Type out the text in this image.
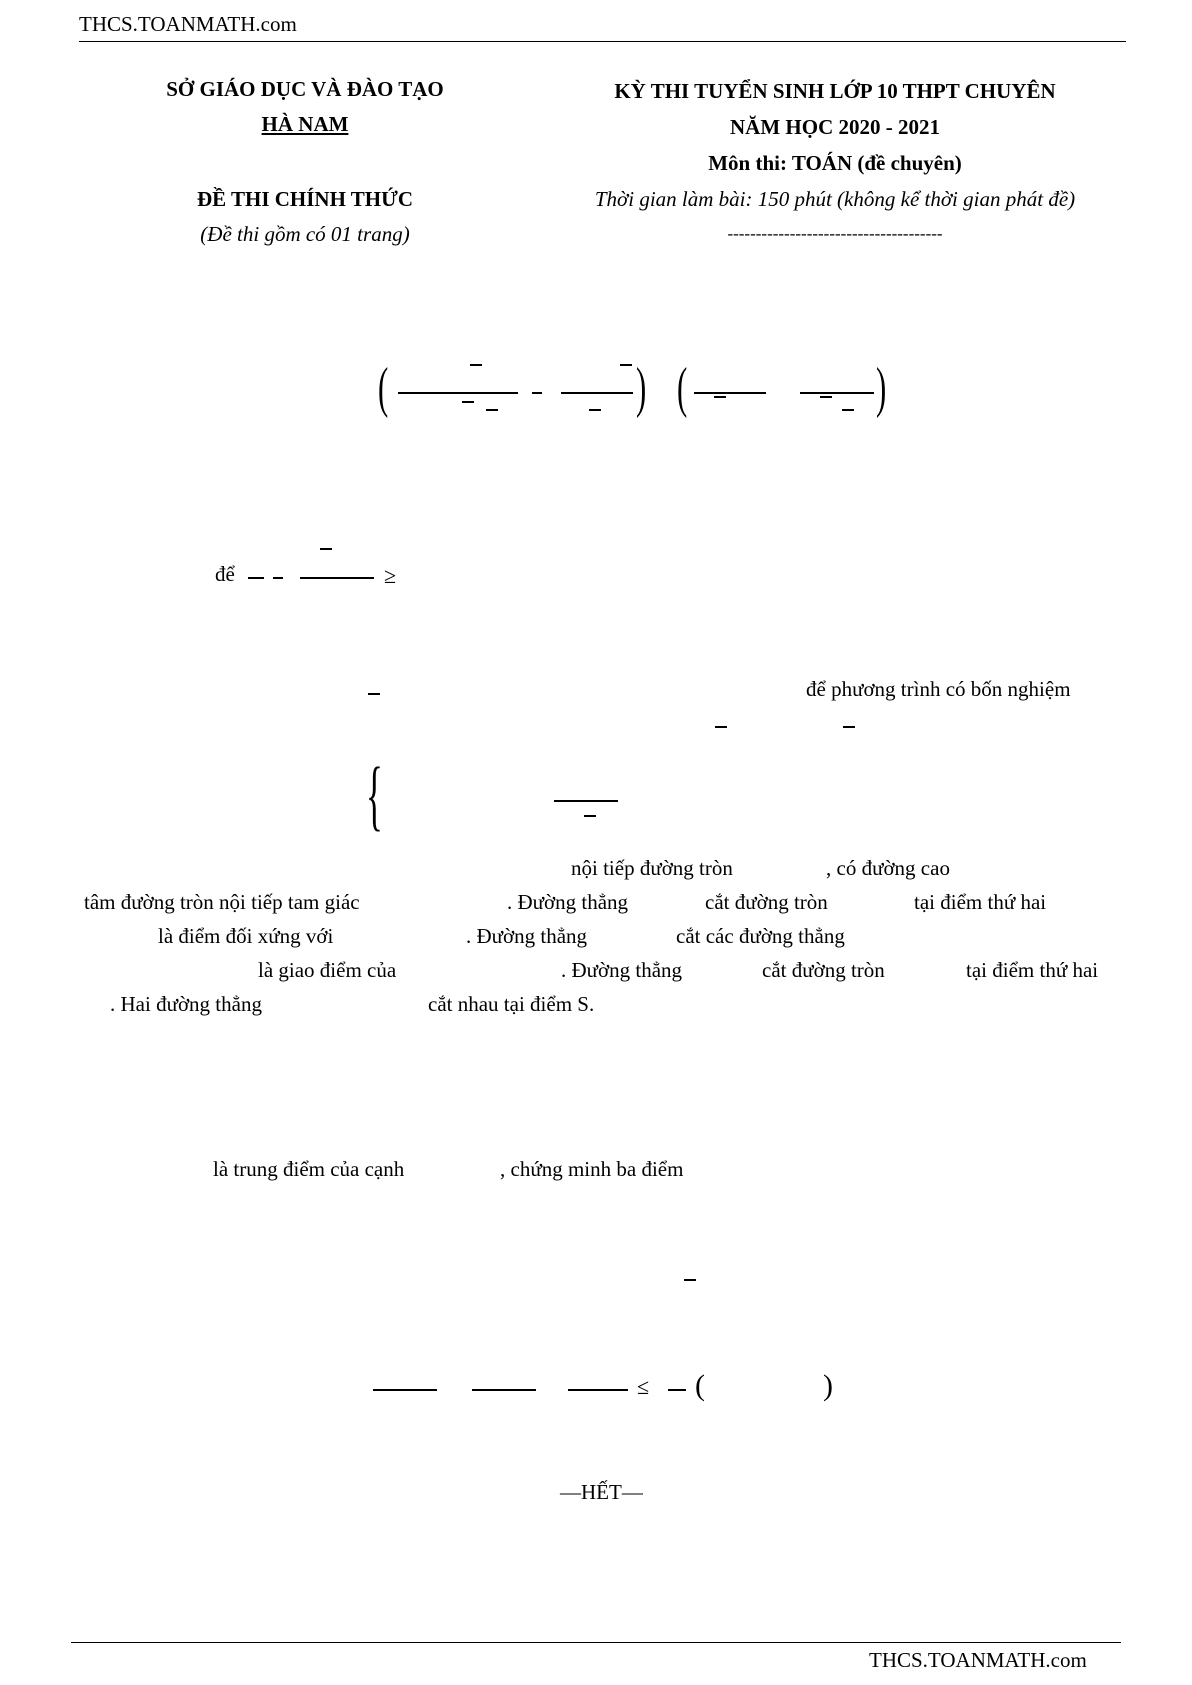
THCS.TOANMATH.com
SỞ GIÁO DỤC VÀ ĐÀO TẠO
HÀ NAM
ĐỀ THI CHÍNH THỨC
(Đề thi gồm có 01 trang)
KỲ THI TUYỂN SINH LỚP 10 THPT CHUYÊN
NĂM HỌC 2020 - 2021
Môn thi: TOÁN (đề chuyên)
Thời gian làm bài: 150 phút (không kể thời gian phát đề)
--------------------------------------
(	) (	)
để	≥
để phương trình có bốn nghiệm
{
nội tiếp đường tròn	, có đường cao
tâm đường tròn nội tiếp tam giác	. Đường thẳng	cắt đường tròn	tại điểm thứ hai
là điểm đối xứng với	. Đường thẳng	cắt các đường thẳng
là giao điểm của	. Đường thẳng	cắt đường tròn	tại điểm thứ hai
. Hai đường thẳng	cắt nhau tại điểm S.
là trung điểm của cạnh	, chứng minh ba điểm
≤ (	)
—HẾT—
THCS.TOANMATH.com
